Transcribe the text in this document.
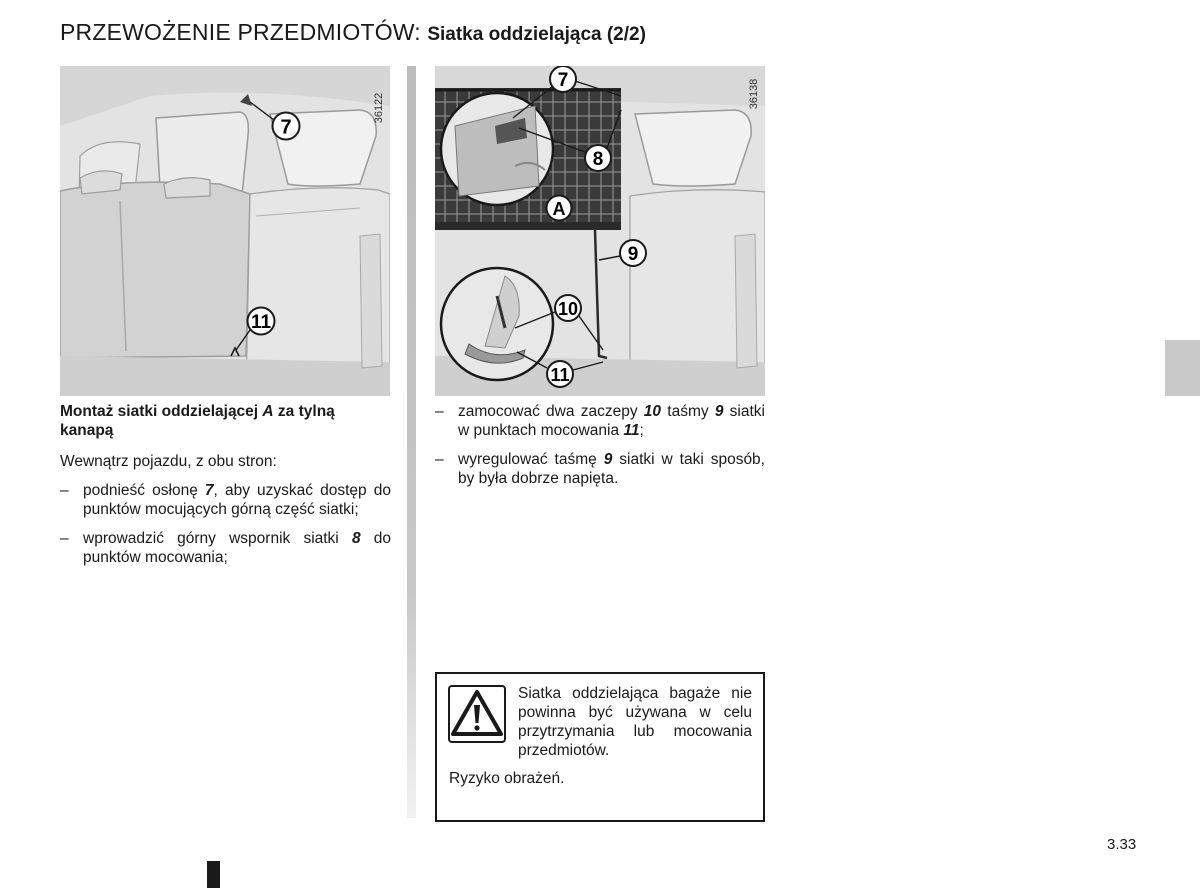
PRZEWOŻENIE PRZEDMIOTÓW: Siatka oddzielająca (2/2)
7
11
36122
7
8
A
9
10
11
36138
Montaż siatki oddzielającej A za tylną kanapą

Wewnątrz pojazdu, z obu stron:

– podnieść osłonę 7, aby uzyskać dostęp do punktów mocujących górną część siatki;
– wprowadzić górny wspornik siatki 8 do punktów mocowania;
– zamocować dwa zaczepy 10 taśmy 9 siatki w punktach mocowania 11;
– wyregulować taśmę 9 siatki w taki sposób, by była dobrze napięta.
Siatka oddzielająca bagaże nie powinna być używana w celu przytrzymania lub mocowania przedmiotów.
Ryzyko obrażeń.
3.33
